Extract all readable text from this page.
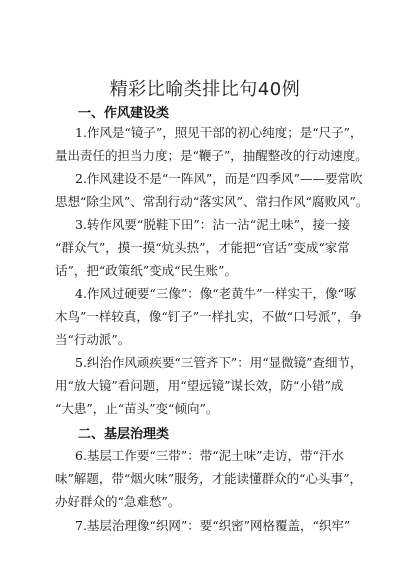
精彩比喻类排比句40例
一、作风建设类
1.作风是“镜子”，照见干部的初心纯度；是“尺子”，
量出责任的担当力度；是“鞭子”，抽醒整改的行动速度。
2.作风建设不是“一阵风”，而是“四季风”——要常吹
思想“除尘风”、常刮行动“落实风”、常扫作风“腐败风”。
3.转作风要“脱鞋下田”：沾一沾“泥土味”，接一接
“群众气”，摸一摸“炕头热”，才能把“官话”变成“家常
话”，把“政策纸”变成“民生账”。
4.作风过硬要“三像”：像“老黄牛”一样实干，像“啄
木鸟”一样较真，像“钉子”一样扎实，不做“口号派”，争
当“行动派”。
5.纠治作风顽疾要“三管齐下”：用“显微镜”查细节，
用“放大镜”看问题，用“望远镜”谋长效，防“小错”成
“大患”，止“苗头”变“倾向”。
二、基层治理类
6.基层工作要“三带”：带“泥土味”走访，带“汗水
味”解题，带“烟火味”服务，才能读懂群众的“心头事”，
办好群众的“急难愁”。
7.基层治理像“织网”：要“织密”网格覆盖，“织牢”
